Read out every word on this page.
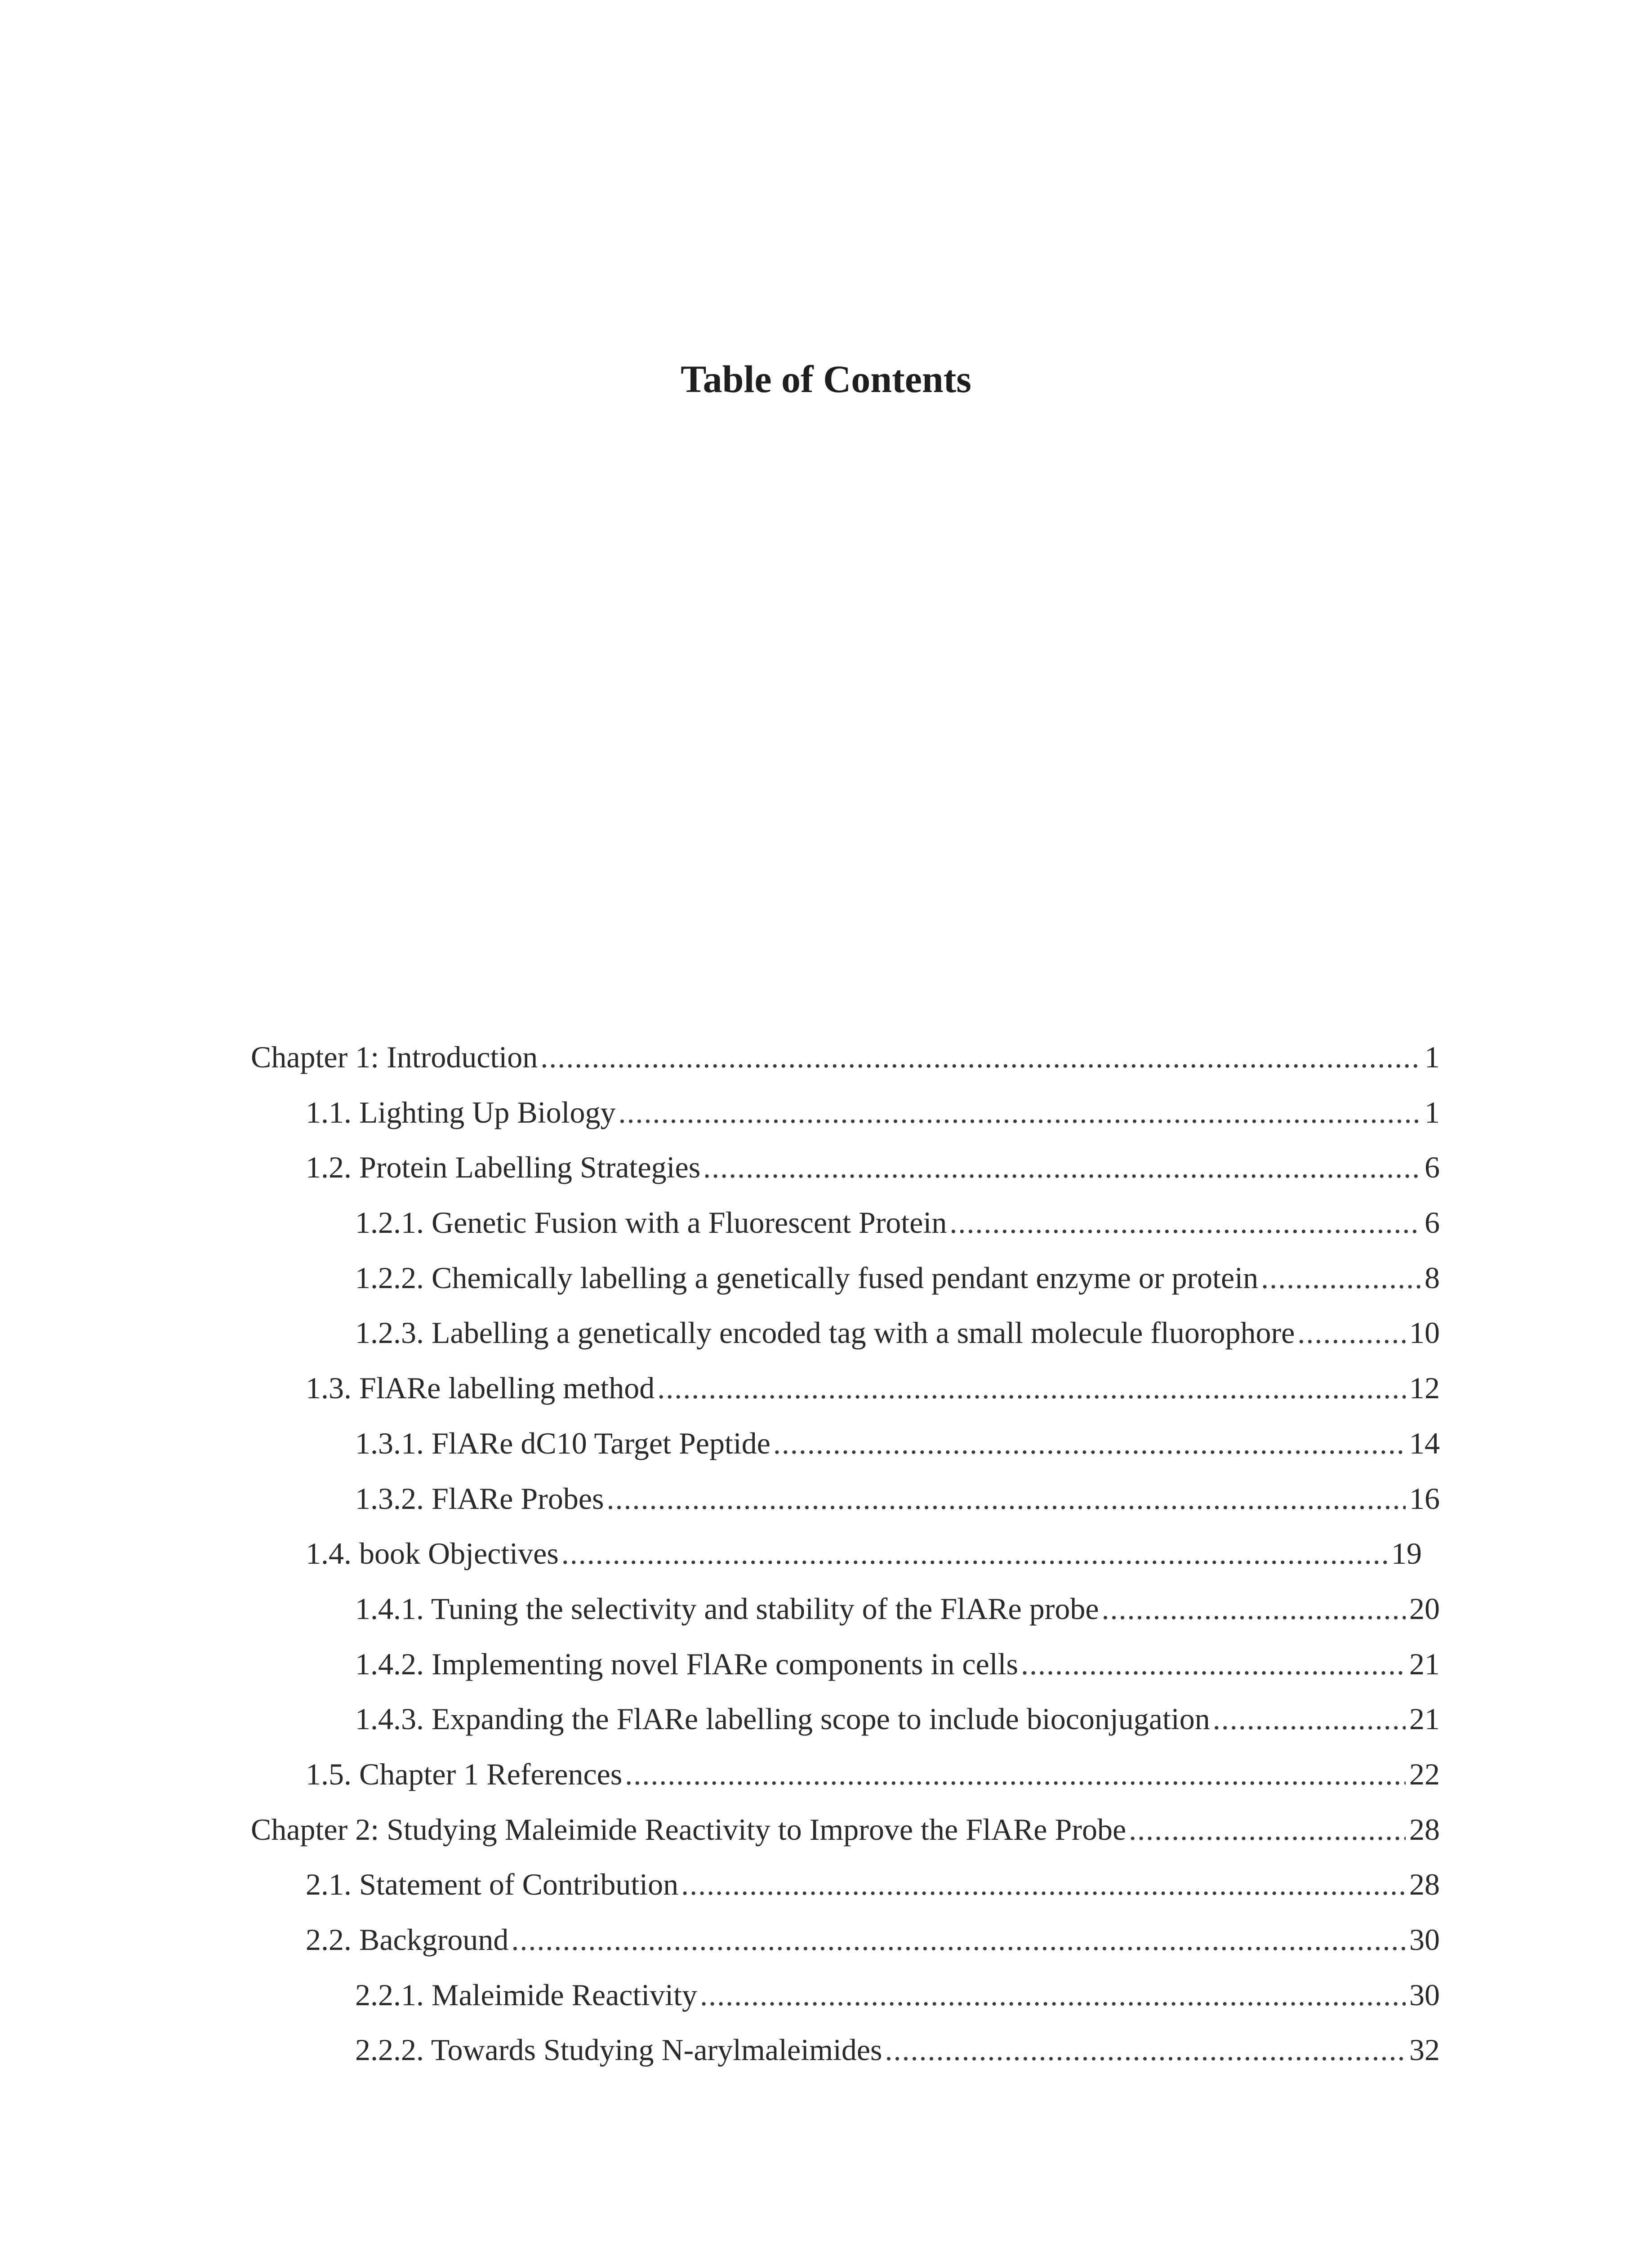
Table of Contents
Chapter 1: Introduction .....	1
1.1. Lighting Up Biology .....	1
1.2. Protein Labelling Strategies .....	6
1.2.1. Genetic Fusion with a Fluorescent Protein .....	6
1.2.2. Chemically labelling a genetically fused pendant enzyme or protein .....	8
1.2.3. Labelling a genetically encoded tag with a small molecule fluorophore .....	10
1.3. FlARe labelling method .....	12
1.3.1. FlARe dC10 Target Peptide .....	14
1.3.2. FlARe Probes .....	16
1.4. book Objectives .....	19
1.4.1. Tuning the selectivity and stability of the FlARe probe .....	20
1.4.2. Implementing novel FlARe components in cells .....	21
1.4.3. Expanding the FlARe labelling scope to include bioconjugation .....	21
1.5. Chapter 1 References .....	22
Chapter 2: Studying Maleimide Reactivity to Improve the FlARe Probe .....	28
2.1. Statement of Contribution .....	28
2.2. Background .....	30
2.2.1. Maleimide Reactivity .....	30
2.2.2. Towards Studying N-arylmaleimides .....	32
